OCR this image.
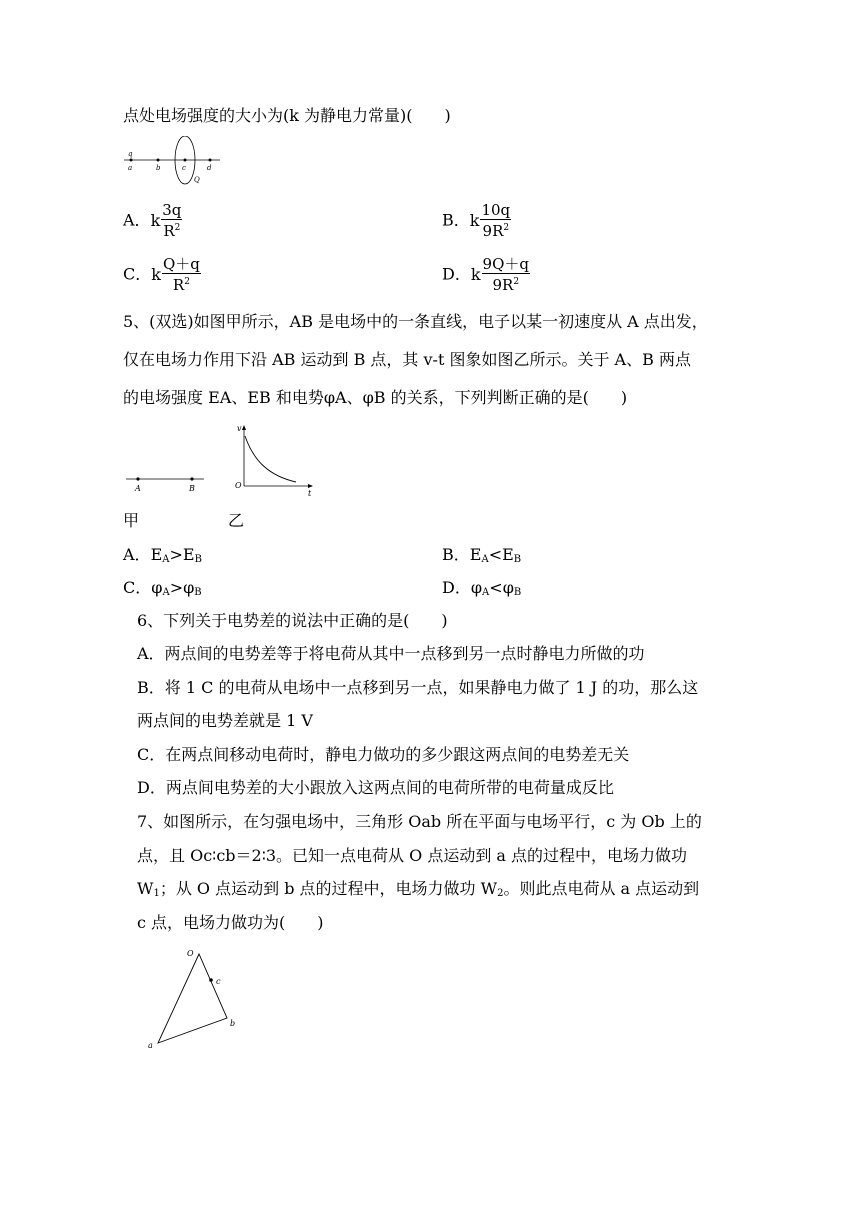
点处电场强度的大小为(k 为静电力常量)(　　)
q
a	b	c	d
Q
A．k $\frac{3q}{R^2}$	B．k $\frac{10q}{9R^2}$
C．k $\frac{Q+q}{R^2}$	D．k $\frac{9Q+q}{9R^2}$
5、(双选)如图甲所示，AB 是电场中的一条直线，电子以某一初速度从 A 点出发，
仅在电场力作用下沿 AB 运动到 B 点，其 v-t 图象如图乙所示。关于 A、B 两点
的电场强度 EA、EB 和电势φA、φB 的关系，下列判断正确的是(　　)
A	B
v
O
t
甲	乙
A．$E_A>E_B$	B．$E_A<E_B$
C．$\varphi_A>\varphi_B$	D．$\varphi_A<\varphi_B$
6、下列关于电势差的说法中正确的是(　　)
A．两点间的电势差等于将电荷从其中一点移到另一点时静电力所做的功
B．将 1 C 的电荷从电场中一点移到另一点，如果静电力做了 1 J 的功，那么这
两点间的电势差就是 1 V
C．在两点间移动电荷时，静电力做功的多少跟这两点间的电势差无关
D．两点间电势差的大小跟放入这两点间的电荷所带的电荷量成反比
7、如图所示，在匀强电场中，三角形 Oab 所在平面与电场平行，c 为 Ob 上的
点，且 Oc∶cb＝2∶3。已知一点电荷从 O 点运动到 a 点的过程中，电场力做功
$W_1$；从 O 点运动到 b 点的过程中，电场力做功 $W_2$。则此点电荷从 a 点运动到
c 点，电场力做功为(　　)
O
c
b
a
